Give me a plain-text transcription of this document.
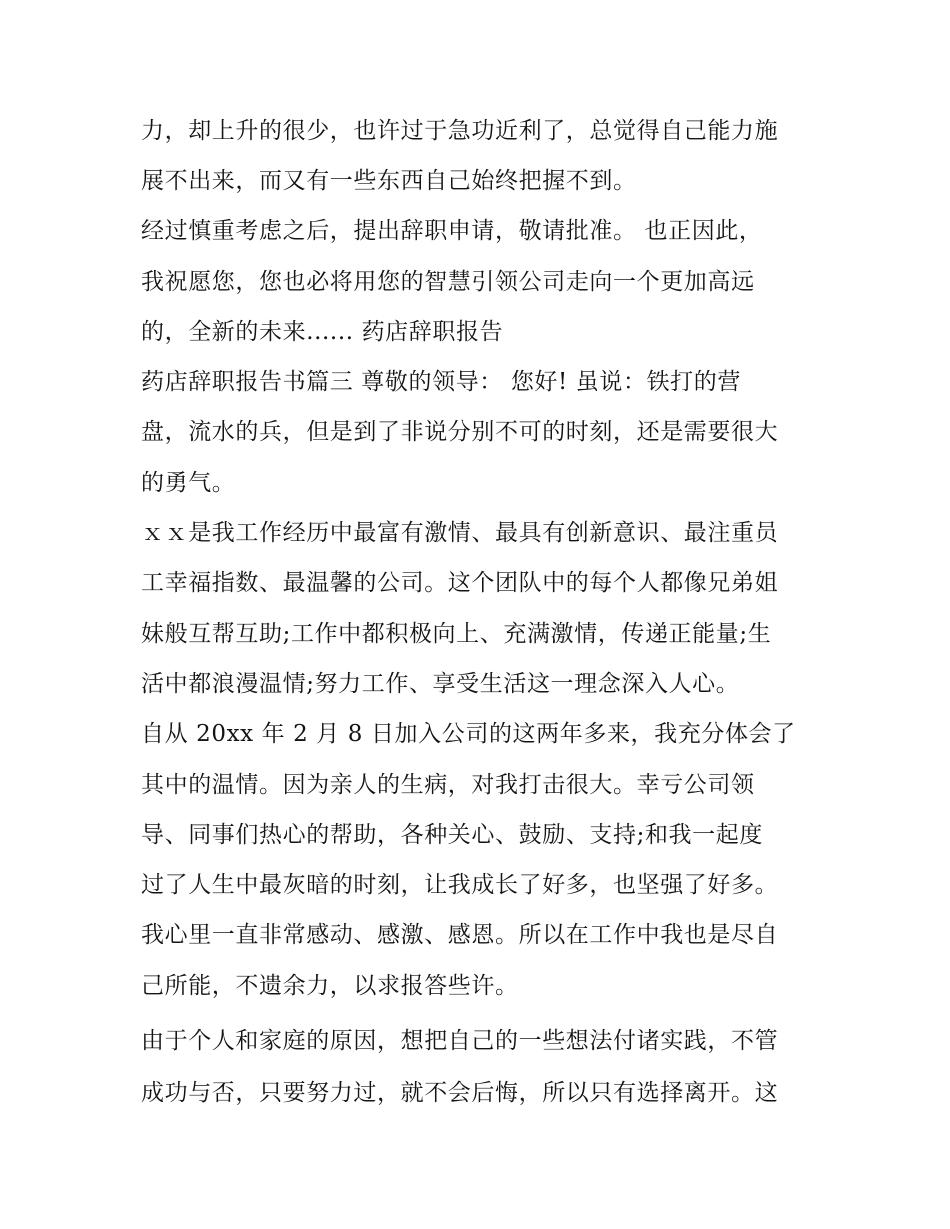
力，却上升的很少，也许过于急功近利了，总觉得自己能力施
展不出来，而又有一些东西自己始终把握不到。
经过慎重考虑之后，提出辞职申请，敬请批准。 也正因此，
我祝愿您，您也必将用您的智慧引领公司走向一个更加高远
的，全新的未来...... 药店辞职报告
药店辞职报告书篇三 尊敬的领导： 您好! 虽说：铁打的营
盘，流水的兵，但是到了非说分别不可的时刻，还是需要很大
的勇气。
ｘｘ是我工作经历中最富有激情、最具有创新意识、最注重员
工幸福指数、最温馨的公司。这个团队中的每个人都像兄弟姐
妹般互帮互助;工作中都积极向上、充满激情，传递正能量;生
活中都浪漫温情;努力工作、享受生活这一理念深入人心。
自从 20xx 年 2 月 8 日加入公司的这两年多来，我充分体会了
其中的温情。因为亲人的生病，对我打击很大。幸亏公司领
导、同事们热心的帮助，各种关心、鼓励、支持;和我一起度
过了人生中最灰暗的时刻，让我成长了好多，也坚强了好多。
我心里一直非常感动、感激、感恩。所以在工作中我也是尽自
己所能，不遗余力，以求报答些许。
由于个人和家庭的原因，想把自己的一些想法付诸实践，不管
成功与否，只要努力过，就不会后悔，所以只有选择离开。这
